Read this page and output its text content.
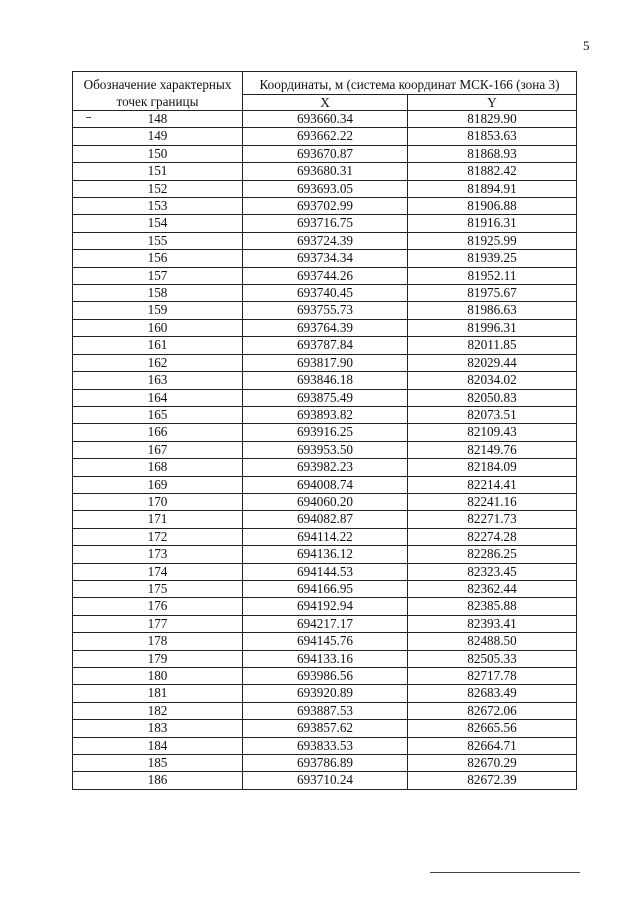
5
Обозначение характерных точек границы	Координаты, м (система координат МСК-166 (зона 3)	
	X	Y
148	693660.34	81829.90
149	693662.22	81853.63
150	693670.87	81868.93
151	693680.31	81882.42
152	693693.05	81894.91
153	693702.99	81906.88
154	693716.75	81916.31
155	693724.39	81925.99
156	693734.34	81939.25
157	693744.26	81952.11
158	693740.45	81975.67
159	693755.73	81986.63
160	693764.39	81996.31
161	693787.84	82011.85
162	693817.90	82029.44
163	693846.18	82034.02
164	693875.49	82050.83
165	693893.82	82073.51
166	693916.25	82109.43
167	693953.50	82149.76
168	693982.23	82184.09
169	694008.74	82214.41
170	694060.20	82241.16
171	694082.87	82271.73
172	694114.22	82274.28
173	694136.12	82286.25
174	694144.53	82323.45
175	694166.95	82362.44
176	694192.94	82385.88
177	694217.17	82393.41
178	694145.76	82488.50
179	694133.16	82505.33
180	693986.56	82717.78
181	693920.89	82683.49
182	693887.53	82672.06
183	693857.62	82665.56
184	693833.53	82664.71
185	693786.89	82670.29
186	693710.24	82672.39
